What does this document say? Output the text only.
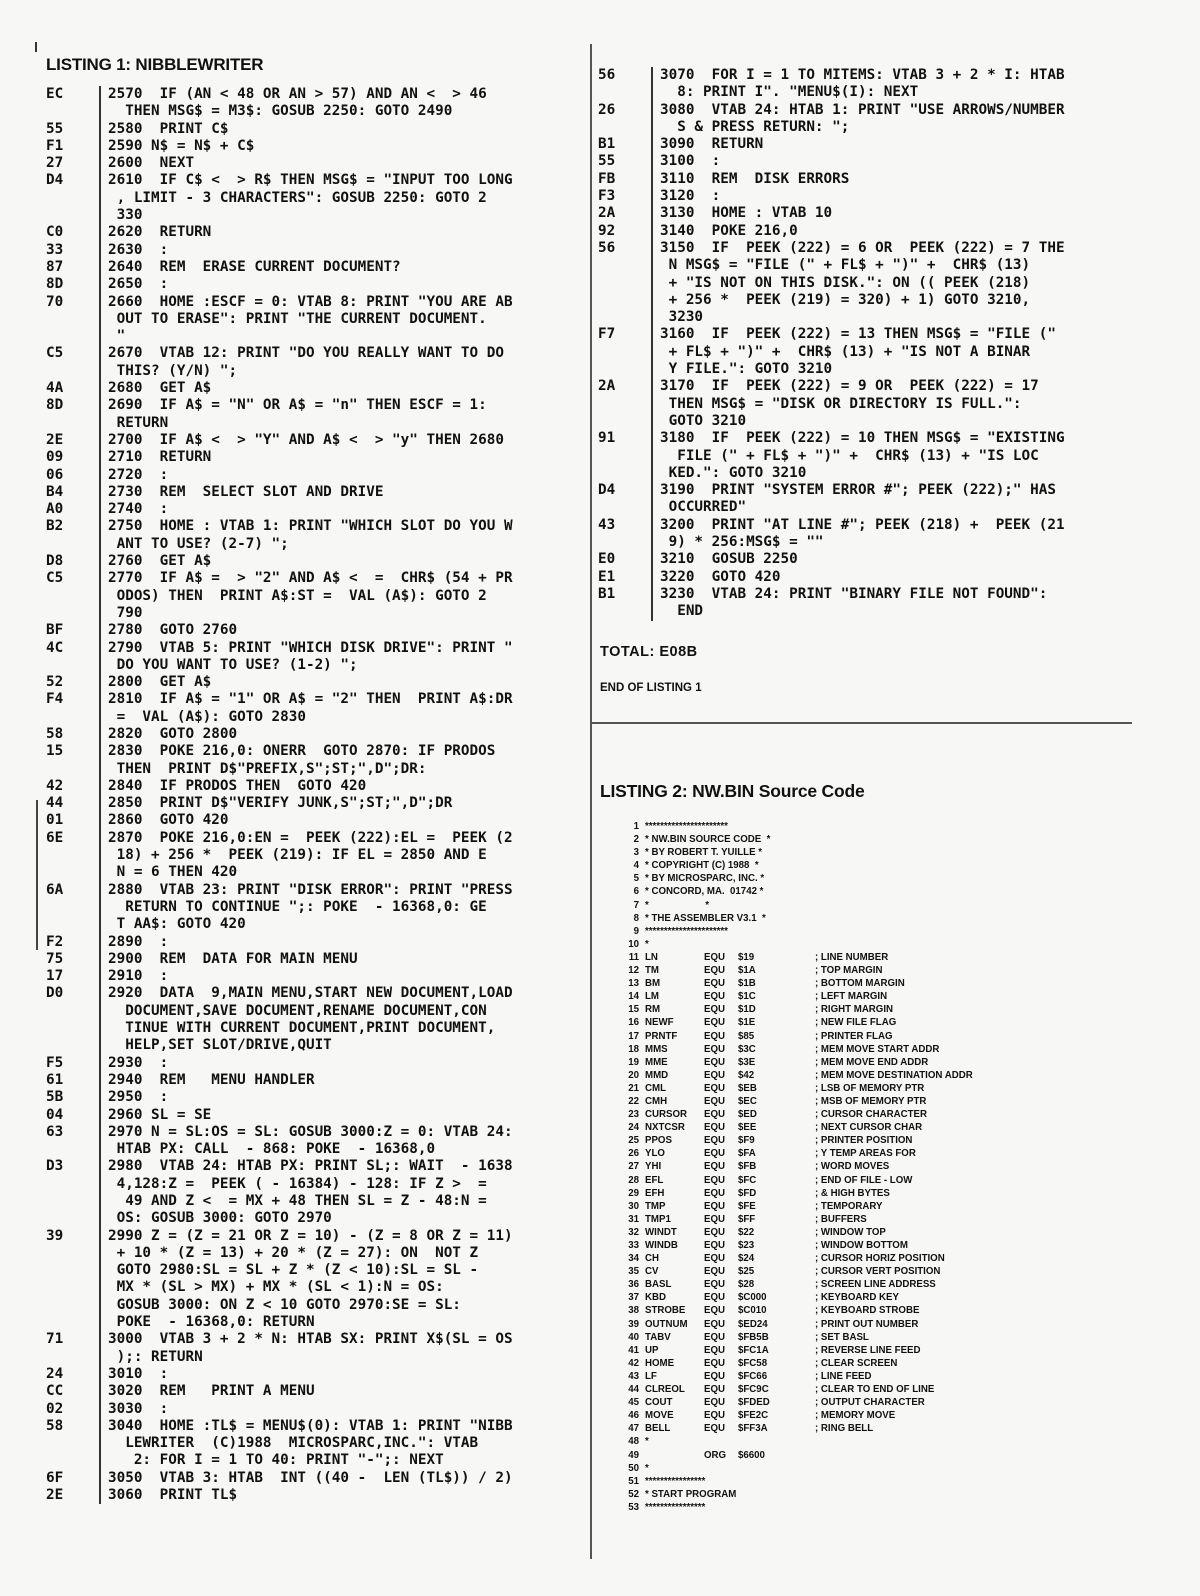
LISTING 1: NIBBLEWRITER
EC	2570  IF (AN < 48 OR AN > 57) AND AN <  > 46
THEN MSG$ = M3$: GOSUB 2250: GOTO 2490
55	2580  PRINT C$
F1	2590 N$ = N$ + C$
27	2600  NEXT
D4	2610  IF C$ <  > R$ THEN MSG$ = "INPUT TOO LONG
, LIMIT - 3 CHARACTERS": GOSUB 2250: GOTO 2
330
C0	2620  RETURN
33	2630  :
87	2640  REM  ERASE CURRENT DOCUMENT?
8D	2650  :
70	2660  HOME :ESCF = 0: VTAB 8: PRINT "YOU ARE AB
OUT TO ERASE": PRINT "THE CURRENT DOCUMENT.
"
C5	2670  VTAB 12: PRINT "DO YOU REALLY WANT TO DO
THIS? (Y/N) ";
4A	2680  GET A$
8D	2690  IF A$ = "N" OR A$ = "n" THEN ESCF = 1:
RETURN
2E	2700  IF A$ <  > "Y" AND A$ <  > "y" THEN 2680
09	2710  RETURN
06	2720  :
B4	2730  REM  SELECT SLOT AND DRIVE
A0	2740  :
B2	2750  HOME : VTAB 1: PRINT "WHICH SLOT DO YOU W
ANT TO USE? (2-7) ";
D8	2760  GET A$
C5	2770  IF A$ =  > "2" AND A$ <  =  CHR$ (54 + PR
ODOS) THEN  PRINT A$:ST =  VAL (A$): GOTO 2
790
BF	2780  GOTO 2760
4C	2790  VTAB 5: PRINT "WHICH DISK DRIVE": PRINT "
DO YOU WANT TO USE? (1-2) ";
52	2800  GET A$
F4	2810  IF A$ = "1" OR A$ = "2" THEN  PRINT A$:DR
=  VAL (A$): GOTO 2830
58	2820  GOTO 2800
15	2830  POKE 216,0: ONERR  GOTO 2870: IF PRODOS
THEN  PRINT D$"PREFIX,S";ST;",D";DR:
42	2840  IF PRODOS THEN  GOTO 420
44	2850  PRINT D$"VERIFY JUNK,S";ST;",D";DR
01	2860  GOTO 420
6E	2870  POKE 216,0:EN =  PEEK (222):EL =  PEEK (2
18) + 256 *  PEEK (219): IF EL = 2850 AND E
N = 6 THEN 420
6A	2880  VTAB 23: PRINT "DISK ERROR": PRINT "PRESS
RETURN TO CONTINUE ";: POKE  - 16368,0: GE
T AA$: GOTO 420
F2	2890  :
75	2900  REM  DATA FOR MAIN MENU
17	2910  :
D0	2920  DATA  9,MAIN MENU,START NEW DOCUMENT,LOAD
DOCUMENT,SAVE DOCUMENT,RENAME DOCUMENT,CON
TINUE WITH CURRENT DOCUMENT,PRINT DOCUMENT,
HELP,SET SLOT/DRIVE,QUIT
F5	2930  :
61	2940  REM   MENU HANDLER
5B	2950  :
04	2960 SL = SE
63	2970 N = SL:OS = SL: GOSUB 3000:Z = 0: VTAB 24:
HTAB PX: CALL  - 868: POKE  - 16368,0
D3	2980  VTAB 24: HTAB PX: PRINT SL;: WAIT  - 1638
4,128:Z =  PEEK ( - 16384) - 128: IF Z >  =
49 AND Z <  = MX + 48 THEN SL = Z - 48:N =
OS: GOSUB 3000: GOTO 2970
39	2990 Z = (Z = 21 OR Z = 10) - (Z = 8 OR Z = 11)
+ 10 * (Z = 13) + 20 * (Z = 27): ON  NOT Z
GOTO 2980:SL = SL + Z * (Z < 10):SL = SL -
MX * (SL > MX) + MX * (SL < 1):N = OS:
GOSUB 3000: ON Z < 10 GOTO 2970:SE = SL:
POKE  - 16368,0: RETURN
71	3000  VTAB 3 + 2 * N: HTAB SX: PRINT X$(SL = OS
);: RETURN
24	3010  :
CC	3020  REM   PRINT A MENU
02	3030  :
58	3040  HOME :TL$ = MENU$(0): VTAB 1: PRINT "NIBB
LEWRITER  (C)1988  MICROSPARC,INC.": VTAB
2: FOR I = 1 TO 40: PRINT "-";: NEXT
6F	3050  VTAB 3: HTAB  INT ((40 -  LEN (TL$)) / 2)
2E	3060  PRINT TL$
56	3070  FOR I = 1 TO MITEMS: VTAB 3 + 2 * I: HTAB
8: PRINT I". "MENU$(I): NEXT
26	3080  VTAB 24: HTAB 1: PRINT "USE ARROWS/NUMBER
S & PRESS RETURN: ";
B1	3090  RETURN
55	3100  :
FB	3110  REM  DISK ERRORS
F3	3120  :
2A	3130  HOME : VTAB 10
92	3140  POKE 216,0
56	3150  IF  PEEK (222) = 6 OR  PEEK (222) = 7 THE
N MSG$ = "FILE (" + FL$ + ")" +  CHR$ (13)
+ "IS NOT ON THIS DISK.": ON (( PEEK (218)
+ 256 *  PEEK (219) = 320) + 1) GOTO 3210,
3230
F7	3160  IF  PEEK (222) = 13 THEN MSG$ = "FILE ("
+ FL$ + ")" +  CHR$ (13) + "IS NOT A BINAR
Y FILE.": GOTO 3210
2A	3170  IF  PEEK (222) = 9 OR  PEEK (222) = 17
THEN MSG$ = "DISK OR DIRECTORY IS FULL.":
GOTO 3210
91	3180  IF  PEEK (222) = 10 THEN MSG$ = "EXISTING
FILE (" + FL$ + ")" +  CHR$ (13) + "IS LOC
KED.": GOTO 3210
D4	3190  PRINT "SYSTEM ERROR #"; PEEK (222);" HAS
OCCURRED"
43	3200  PRINT "AT LINE #"; PEEK (218) +  PEEK (21
9) * 256:MSG$ = ""
E0	3210  GOSUB 2250
E1	3220  GOTO 420
B1	3230  VTAB 24: PRINT "BINARY FILE NOT FOUND":
END
TOTAL: E08B
END OF LISTING 1
LISTING 2: NW.BIN Source Code
1 **********************
2 * NW.BIN SOURCE CODE  *
3 * BY ROBERT T. YUILLE *
4 * COPYRIGHT (C) 1988  *
5 * BY MICROSPARC, INC. *
6 * CONCORD, MA.  01742 *
7 *                     *
8 * THE ASSEMBLER V3.1  *
9 **********************
10 *
11 LN	EQU	$19	; LINE NUMBER
12 TM	EQU	$1A	; TOP MARGIN
13 BM	EQU	$1B	; BOTTOM MARGIN
14 LM	EQU	$1C	; LEFT MARGIN
15 RM	EQU	$1D	; RIGHT MARGIN
16 NEWF	EQU	$1E	; NEW FILE FLAG
17 PRNTF	EQU	$85	; PRINTER FLAG
18 MMS	EQU	$3C	; MEM MOVE START ADDR
19 MME	EQU	$3E	; MEM MOVE END ADDR
20 MMD	EQU	$42	; MEM MOVE DESTINATION ADDR
21 CML	EQU	$EB	; LSB OF MEMORY PTR
22 CMH	EQU	$EC	; MSB OF MEMORY PTR
23 CURSOR	EQU	$ED	; CURSOR CHARACTER
24 NXTCSR	EQU	$EE	; NEXT CURSOR CHAR
25 PPOS	EQU	$F9	; PRINTER POSITION
26 YLO	EQU	$FA	; Y TEMP AREAS FOR
27 YHI	EQU	$FB	; WORD MOVES
28 EFL	EQU	$FC	; END OF FILE - LOW
29 EFH	EQU	$FD	; & HIGH BYTES
30 TMP	EQU	$FE	; TEMPORARY
31 TMP1	EQU	$FF	; BUFFERS
32 WINDT	EQU	$22	; WINDOW TOP
33 WINDB	EQU	$23	; WINDOW BOTTOM
34 CH	EQU	$24	; CURSOR HORIZ POSITION
35 CV	EQU	$25	; CURSOR VERT POSITION
36 BASL	EQU	$28	; SCREEN LINE ADDRESS
37 KBD	EQU	$C000	; KEYBOARD KEY
38 STROBE	EQU	$C010	; KEYBOARD STROBE
39 OUTNUM	EQU	$ED24	; PRINT OUT NUMBER
40 TABV	EQU	$FB5B	; SET BASL
41 UP	EQU	$FC1A	; REVERSE LINE FEED
42 HOME	EQU	$FC58	; CLEAR SCREEN
43 LF	EQU	$FC66	; LINE FEED
44 CLREOL	EQU	$FC9C	; CLEAR TO END OF LINE
45 COUT	EQU	$FDED	; OUTPUT CHARACTER
46 MOVE	EQU	$FE2C	; MEMORY MOVE
47 BELL	EQU	$FF3A	; RING BELL
48 *
49	ORG	$6600
50 *
51 ****************
52 * START PROGRAM
53 ****************
